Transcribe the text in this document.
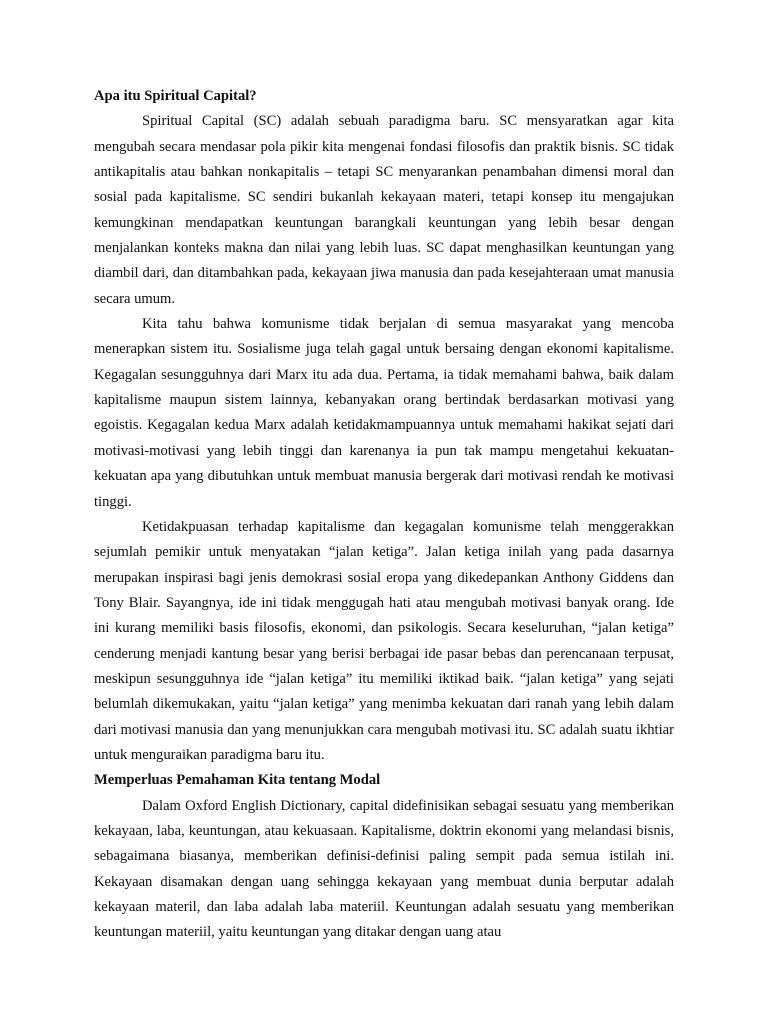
Apa itu Spiritual Capital?

Spiritual Capital (SC) adalah sebuah paradigma baru. SC mensyaratkan agar kita mengubah secara mendasar pola pikir kita mengenai fondasi filosofis dan praktik bisnis. SC tidak antikapitalis atau bahkan nonkapitalis – tetapi SC menyarankan penambahan dimensi moral dan sosial pada kapitalisme. SC sendiri bukanlah kekayaan materi, tetapi konsep itu mengajukan kemungkinan mendapatkan keuntungan barangkali keuntungan yang lebih besar dengan menjalankan konteks makna dan nilai yang lebih luas. SC dapat menghasilkan keuntungan yang diambil dari, dan ditambahkan pada, kekayaan jiwa manusia dan pada kesejahteraan umat manusia secara umum.

Kita tahu bahwa komunisme tidak berjalan di semua masyarakat yang mencoba menerapkan sistem itu. Sosialisme juga telah gagal untuk bersaing dengan ekonomi kapitalisme. Kegagalan sesungguhnya dari Marx itu ada dua. Pertama, ia tidak memahami bahwa, baik dalam kapitalisme maupun sistem lainnya, kebanyakan orang bertindak berdasarkan motivasi yang egoistis. Kegagalan kedua Marx adalah ketidakmampuannya untuk memahami hakikat sejati dari motivasi-motivasi yang lebih tinggi dan karenanya ia pun tak mampu mengetahui kekuatan-kekuatan apa yang dibutuhkan untuk membuat manusia bergerak dari motivasi rendah ke motivasi tinggi.

Ketidakpuasan terhadap kapitalisme dan kegagalan komunisme telah menggerakkan sejumlah pemikir untuk menyatakan “jalan ketiga”. Jalan ketiga inilah yang pada dasarnya merupakan inspirasi bagi jenis demokrasi sosial eropa yang dikedepankan Anthony Giddens dan Tony Blair. Sayangnya, ide ini tidak menggugah hati atau mengubah motivasi banyak orang. Ide ini kurang memiliki basis filosofis, ekonomi, dan psikologis. Secara keseluruhan, “jalan ketiga” cenderung menjadi kantung besar yang berisi berbagai ide pasar bebas dan perencanaan terpusat, meskipun sesungguhnya ide “jalan ketiga” itu memiliki iktikad baik. “jalan ketiga” yang sejati belumlah dikemukakan, yaitu “jalan ketiga” yang menimba kekuatan dari ranah yang lebih dalam dari motivasi manusia dan yang menunjukkan cara mengubah motivasi itu. SC adalah suatu ikhtiar untuk menguraikan paradigma baru itu.

Memperluas Pemahaman Kita tentang Modal

Dalam Oxford English Dictionary, capital didefinisikan sebagai sesuatu yang memberikan kekayaan, laba, keuntungan, atau kekuasaan. Kapitalisme, doktrin ekonomi yang melandasi bisnis, sebagaimana biasanya, memberikan definisi-definisi paling sempit pada semua istilah ini. Kekayaan disamakan dengan uang sehingga kekayaan yang membuat dunia berputar adalah kekayaan materil, dan laba adalah laba materiil. Keuntungan adalah sesuatu yang memberikan keuntungan materiil, yaitu keuntungan yang ditakar dengan uang atau
